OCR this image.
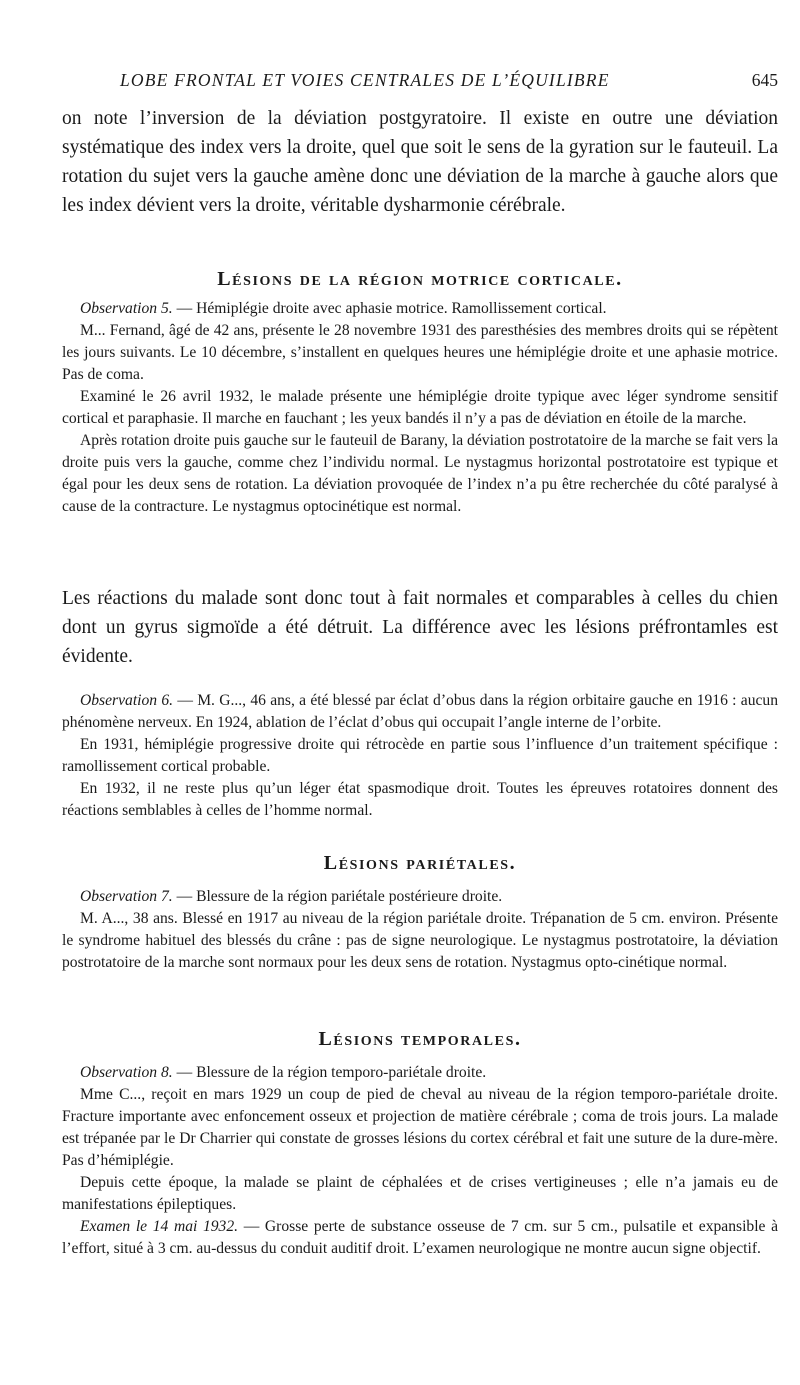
LOBE FRONTAL ET VOIES CENTRALES DE L’ÉQUILIBRE	645

on note l’inversion de la déviation postgyratoire. Il existe en outre une déviation systématique des index vers la droite, quel que soit le sens de la gyration sur le fauteuil. La rotation du sujet vers la gauche amène donc une déviation de la marche à gauche alors que les index dévient vers la droite, véritable dysharmonie cérébrale.

Lésions de la région motrice corticale.

Observation 5. — Hémiplégie droite avec aphasie motrice. Ramollissement cortical.

M... Fernand, âgé de 42 ans, présente le 28 novembre 1931 des paresthésies des membres droits qui se répètent les jours suivants. Le 10 décembre, s’installent en quelques heures une hémiplégie droite et une aphasie motrice. Pas de coma.

Examiné le 26 avril 1932, le malade présente une hémiplégie droite typique avec léger syndrome sensitif cortical et paraphasie. Il marche en fauchant ; les yeux bandés il n’y a pas de déviation en étoile de la marche.

Après rotation droite puis gauche sur le fauteuil de Barany, la déviation postrotatoire de la marche se fait vers la droite puis vers la gauche, comme chez l’individu normal. Le nystagmus horizontal postrotatoire est typique et égal pour les deux sens de rotation. La déviation provoquée de l’index n’a pu être recherchée du côté paralysé à cause de la contracture. Le nystagmus optocinétique est normal.

Les réactions du malade sont donc tout à fait normales et comparables à celles du chien dont un gyrus sigmoïde a été détruit. La différence avec les lésions préfrontamles est évidente.

Observation 6. — M. G..., 46 ans, a été blessé par éclat d’obus dans la région orbitaire gauche en 1916 : aucun phénomène nerveux. En 1924, ablation de l’éclat d’obus qui occupait l’angle interne de l’orbite.

En 1931, hémiplégie progressive droite qui rétrocède en partie sous l’influence d’un traitement spécifique : ramollissement cortical probable.

En 1932, il ne reste plus qu’un léger état spasmodique droit. Toutes les épreuves rotatoires donnent des réactions semblables à celles de l’homme normal.

Lésions pariétales.

Observation 7. — Blessure de la région pariétale postérieure droite.

M. A..., 38 ans. Blessé en 1917 au niveau de la région pariétale droite. Trépanation de 5 cm. environ. Présente le syndrome habituel des blessés du crâne : pas de signe neurologique. Le nystagmus postrotatoire, la déviation postrotatoire de la marche sont normaux pour les deux sens de rotation. Nystagmus opto-cinétique normal.

Lésions temporales.

Observation 8. — Blessure de la région temporo-pariétale droite.

Mme C..., reçoit en mars 1929 un coup de pied de cheval au niveau de la région temporo-pariétale droite. Fracture importante avec enfoncement osseux et projection de matière cérébrale ; coma de trois jours. La malade est trépanée par le Dr Charrier qui constate de grosses lésions du cortex cérébral et fait une suture de la dure-mère. Pas d’hémiplégie.

Depuis cette époque, la malade se plaint de céphalées et de crises vertigineuses ; elle n’a jamais eu de manifestations épileptiques.

Examen le 14 mai 1932. — Grosse perte de substance osseuse de 7 cm. sur 5 cm., pulsatile et expansible à l’effort, situé à 3 cm. au-dessus du conduit auditif droit. L’examen neurologique ne montre aucun signe objectif.
